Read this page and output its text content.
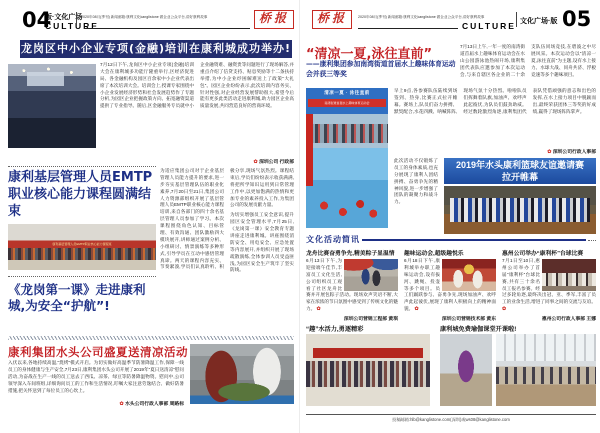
04
版·文化广场
CULTURE
2020年08月(季刊) 新闻邮箱:康利文化kanglistone 做企业公众平台,讲好康利故事	桥报
龙岗区中小企业专项(金融)培训在康利城成功举办!
7月12日下午,龙岗区中小企业专项(金融)培训大会在康利城多功能厅隆重举行,区经济促进局、各金融机构及园区百余家中小企业代表出席了本次培训大会。培训会上,授课专家围绕中小企业发展经济形势和社会发展趋势作了专题分析,为园区企业把握政策方向、拓宽融资渠道提供了专业指导。随后,区金融服务专员就中小企业融资难、融资贵等问题进行了现场解答,并重点介绍了信贷支持、贴息奖励等十二条扶持举措,为中小企业纾困解难送上了政策“大礼包”。园区企业纷纷表示,此次培训内容务实、针对性强,对企业经营发展帮助很大,希望今后能有更多此类活动走进康利城,助力园区企业高质量发展,共同营造良好的营商环境。
✿ 深圳公司 行政部
康利基层管理人员EMTP职业核心能力课程圆满结束
康利基层管理人员EMTP职业核心能力课程班
《龙岗第一课》走进康利城,为安全“护航”!
为适应集团公司对于企业基层管理人员能力提升的要求,进一步夯实基层管理队伍的职业化素养,7月20日至21日,集团公司人力资源部组织开展了基层管理人员EMTP职业核心能力课程培训,来自各部门的四十余名基层管理人员参加了学习。本次课程围绕角色认知、目标管理、有效沟通、团队激励四大模块展开,讲师通过案例分析、小组研讨、情景演练等多种形式,引导学员在互动中感悟管理真谛。两天的课程内容充实、节奏紧凑,学员们认真聆听、积极分享,现场气氛热烈。课程结束后,学员们纷纷表示收获满满,将把所学知识运用到日常管理工作中,以更加饱满的热情和更加专业的素养投入工作,为集团公司的发展贡献力量。
为切实增强员工安全意识,提升园区安全管理水平,7月25日,《龙岗第一课》安全教育专题讲座走进康利城。讲座围绕消防安全、用电安全、应急处置等内容展开,并组织开展了现场疏散演练,全体参训人员受益匪浅,为园区安全生产筑牢了坚实防线。
康利集团水头公司盛夏送清凉活动
入伏以来,各地持续高温,“烧烤”模式开启。为切实做好高温季节防暑降温工作,保障一线员工的身体健康与生产安全,7月23日,康利集团水头公司开展了2019年“夏日送清凉”慰问活动,为奋战在生产一线的员工送去了西瓜、凉茶、绿豆等防暑降温物资。慰问中,公司领导深入车间班组,详细询问员工的工作和生活情况,叮嘱大家注意劳逸结合、做好防暑措施,把关怀送到了每位员工的心坎上。
✿ 水头公司行政人事部 周路标
桥报	2020年08月(季刊) 新闻邮箱:康利文化kanglistone 做企业公众平台,讲好康利故事
CULTURE 文化广场·版 05
“清凉一夏,泳往直前”
——康利集团参加南湾街道首届水上趣味体育运动会并获三等奖
7月13日上午,一年一度的南湾街道首届水上趣味体育运动会在水山公园游泳池热闹开场,康利集团代表队应邀参加了本次运动会,与来自辖区各企业的二十余支队伍同场竞技,在碧波之中尽展风采。本次运动会以“清凉一夏,泳往直前”为主题,设有水上接力、水球大战、同舟共济、浮板竞速等多个趣味项目。
早上9点,各参赛队伍陆续到场签到、热身,比赛正式拉开帷幕。赛场上,队员们奋力拼搏、默契配合,水花四溅、呐喊阵阵,现场气氛十分热烈。啦啦队员们挥舞着队旗,加油声、欢呼声此起彼伏,为队员们鼓劲助威。经过数轮激烈角逐,康利集团代表队凭借顽强的意志和出色的发挥,在水上接力项目中脱颖而出,最终荣获团体三等奖的好成绩,赢得了现场阵阵掌声。
此次活动不仅锻炼了员工的身体素质,也充分展现了康利人团结拼搏、奋勇争先的精神风貌,进一步增强了团队的凝聚力和战斗力。
✿ 深圳公司行政人事部
清凉一夏 · 泳往直前
南湾街道首届水上趣味体育运动会
2019年水头康利篮球友谊邀请赛拉开帷幕
文化活动简讯
龙舟比赛奋勇争先,精美粽子显温情
6月13日下午,为迎接端午佳节,丰富员工文化生活,公司组织员工观看了社区龙舟比赛并开展包粽子活动。现场欢声笑语不断,大家在浓浓的节日氛围中感受到了传统文化的魅力。 ✿
深圳公司营销工程部 黄琪
趣味运动会,超级趣悦乐
6月18日下午,康利城举办职工趣味运动会,设有拔河、跳绳、投壶等多个项目。员工们踊跃参与、奋勇争先,现场加油声、欢呼声此起彼伏,展现了康利人积极向上的精神面貌。 ✿
深圳公司营销技术部 黄东
惠州公司举办“康利杯”台球比赛
7月1日至10日,惠州公司举办了首届“康利杯”台球比赛,共有三十余名员工报名参赛。经过多轮角逐,最终决出冠、亚、季军,丰富了员工的业余生活,增进了同事之间的交流与友谊。 ✿
惠州公司行政人事部 王娜
“趣”水活力,勇逐精彩	康利城免费瑜伽课堂开课啦!
投稿邮箱:hlb@kanglistone.com(深圳)或ws08@kanglistone.com
